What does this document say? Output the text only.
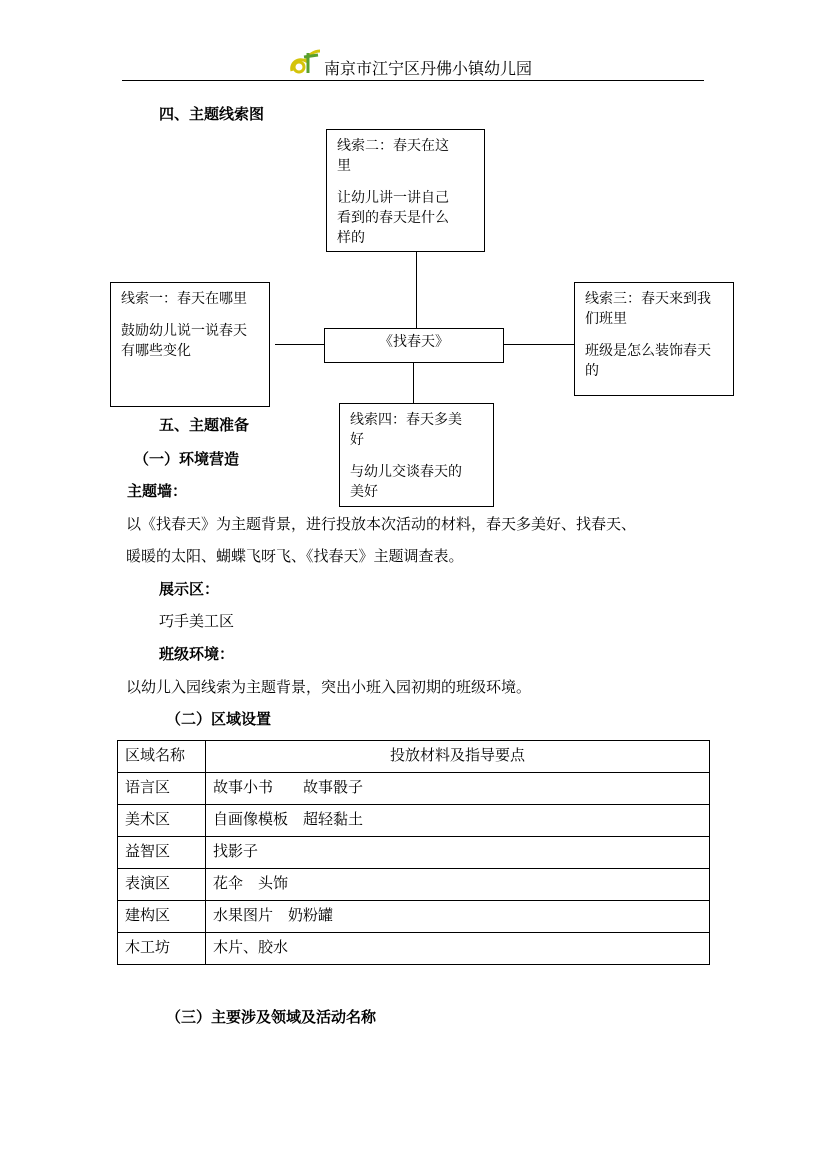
南京市江宁区丹佛小镇幼儿园
四、主题线索图
线索二：春天在这
里
让幼儿讲一讲自己
看到的春天是什么
样的
线索一：春天在哪里
鼓励幼儿说一说春天有哪些变化
《找春天》
线索三：春天来到我
们班里
班级是怎么装饰春天
的
线索四：春天多美
好
与幼儿交谈春天的
美好
五、主题准备
（一）环境营造
主题墙：
以《找春天》为主题背景，进行投放本次活动的材料，春天多美好、找春天、
暖暖的太阳、蝴蝶飞呀飞、《找春天》主题调查表。
展示区：
巧手美工区
班级环境：
以幼儿入园线索为主题背景，突出小班入园初期的班级环境。
（二）区域设置
区域名称	投放材料及指导要点
语言区	故事小书　　故事骰子
美术区	自画像模板　超轻黏土
益智区	找影子
表演区	花伞　头饰
建构区	水果图片　奶粉罐
木工坊	木片、胶水
（三）主要涉及领域及活动名称
